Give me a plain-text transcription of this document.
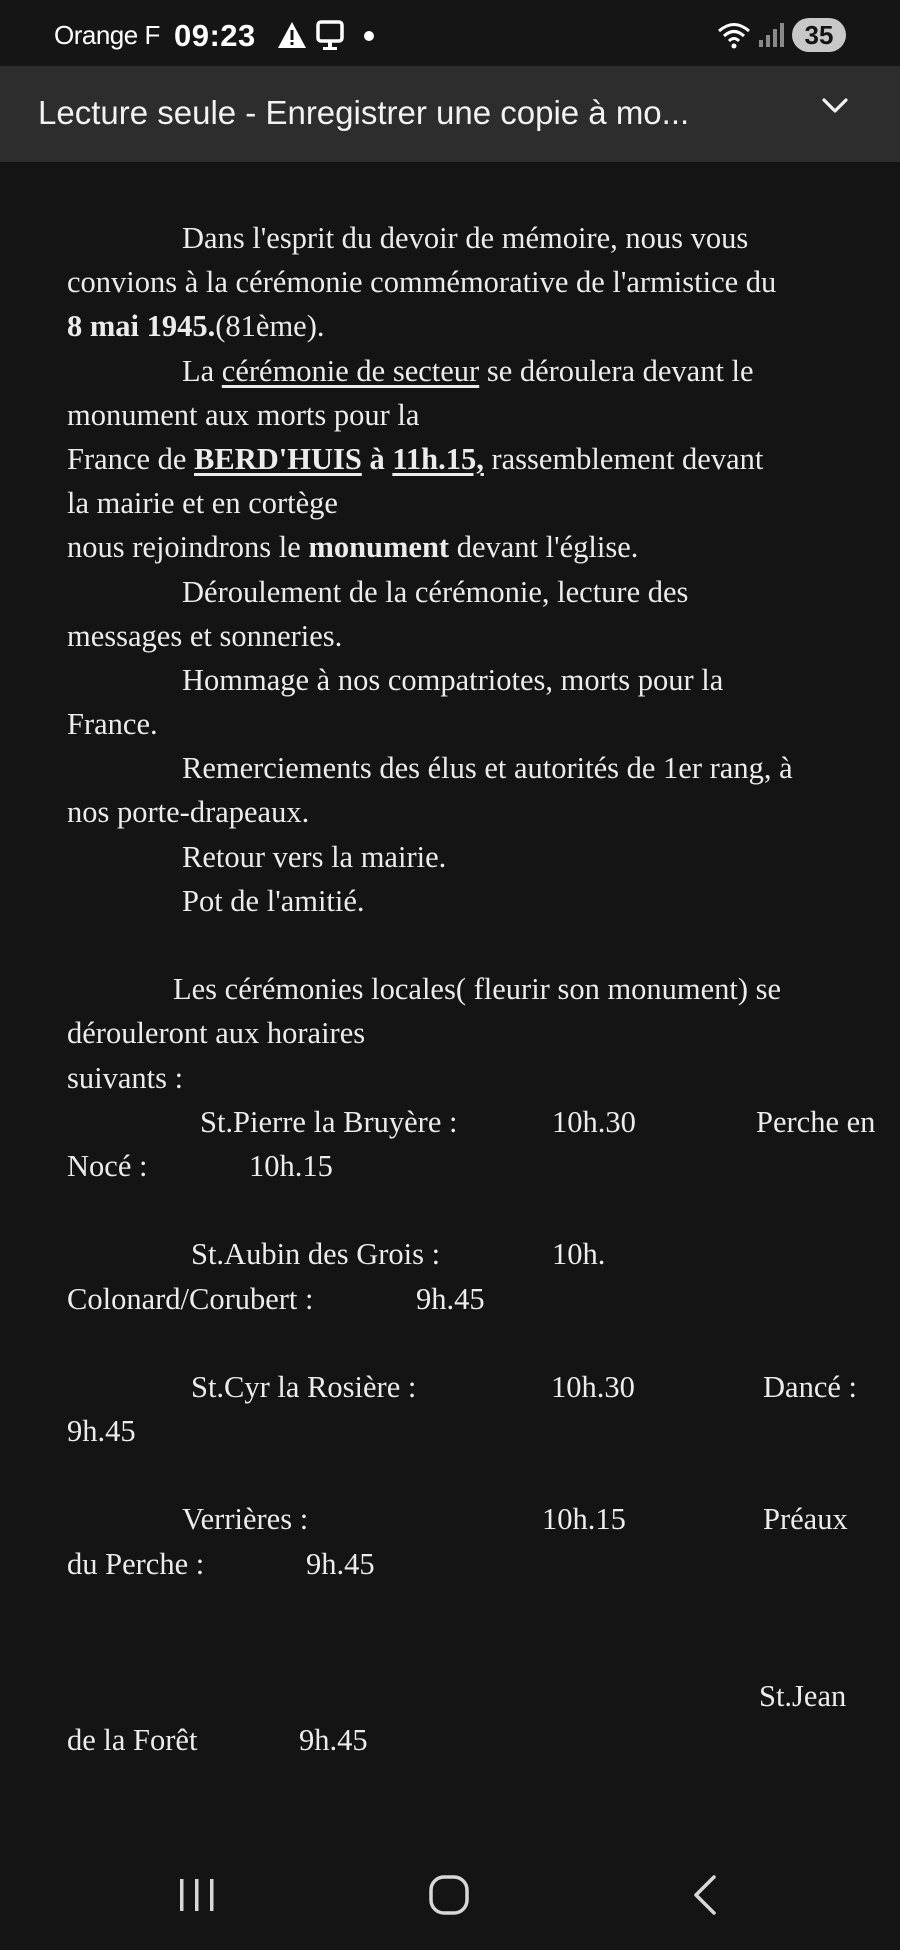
Orange F 09:23	35
Lecture seule - Enregistrer une copie à mo...
Dans l'esprit du devoir de mémoire, nous vous
convions à la cérémonie commémorative de l'armistice du
8 mai 1945.(81ème).
La cérémonie de secteur se déroulera devant le
monument aux morts pour la
France de BERD'HUIS à 11h.15, rassemblement devant
la mairie et en cortège
nous rejoindrons le monument devant l'église.
Déroulement de la cérémonie, lecture des
messages et sonneries.
Hommage à nos compatriotes, morts pour la
France.
Remerciements des élus et autorités de 1er rang, à
nos porte-drapeaux.
Retour vers la mairie.
Pot de l'amitié.
Les cérémonies locales( fleurir son monument) se
dérouleront aux horaires
suivants :
St.Pierre la Bruyère :	10h.30	Perche en
Nocé :	10h.15
St.Aubin des Grois :	10h.
Colonard/Corubert :	9h.45
St.Cyr la Rosière :	10h.30	Dancé :
9h.45
Verrières :	10h.15	Préaux
du Perche :	9h.45
St.Jean
de la Forêt	9h.45
